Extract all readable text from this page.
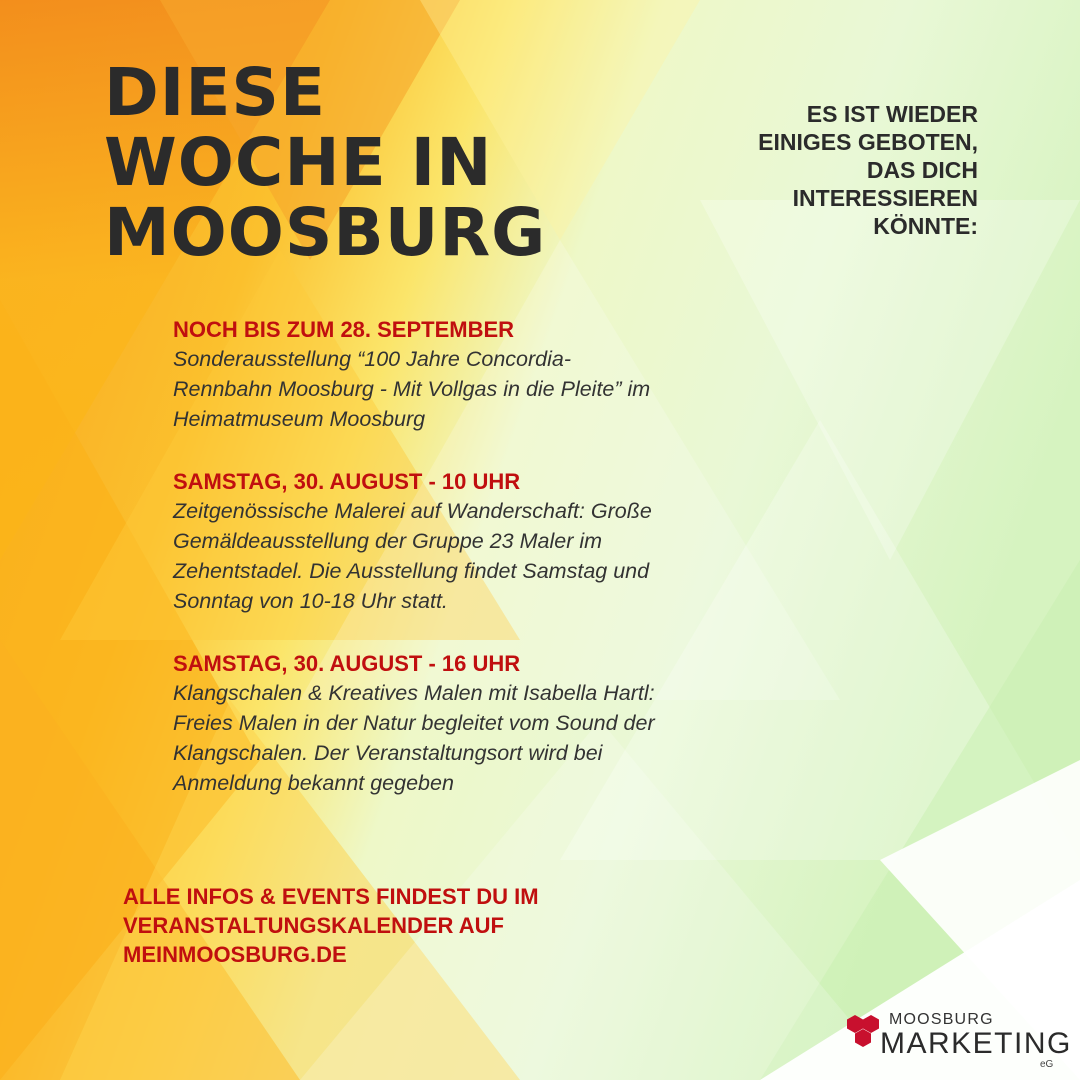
DIESE
WOCHE IN
MOOSBURG
ES IST WIEDER
EINIGES GEBOTEN,
DAS DICH
INTERESSIEREN
KÖNNTE:
NOCH BIS ZUM 28. SEPTEMBER
Sonderausstellung “100 Jahre Concordia-
Rennbahn Moosburg - Mit Vollgas in die Pleite” im
Heimatmuseum Moosburg
SAMSTAG, 30. AUGUST - 10 UHR
Zeitgenössische Malerei auf Wanderschaft: Große
Gemäldeausstellung der Gruppe 23 Maler im
Zehentstadel. Die Ausstellung findet Samstag und
Sonntag von 10-18 Uhr statt.
SAMSTAG, 30. AUGUST - 16 UHR
Klangschalen & Kreatives Malen mit Isabella Hartl:
Freies Malen in der Natur begleitet vom Sound der
Klangschalen. Der Veranstaltungsort wird bei
Anmeldung bekannt gegeben
ALLE INFOS & EVENTS FINDEST DU IM
VERANSTALTUNGSKALENDER AUF
MEINMOOSBURG.DE
MOOSBURG
MARKETING
eG
